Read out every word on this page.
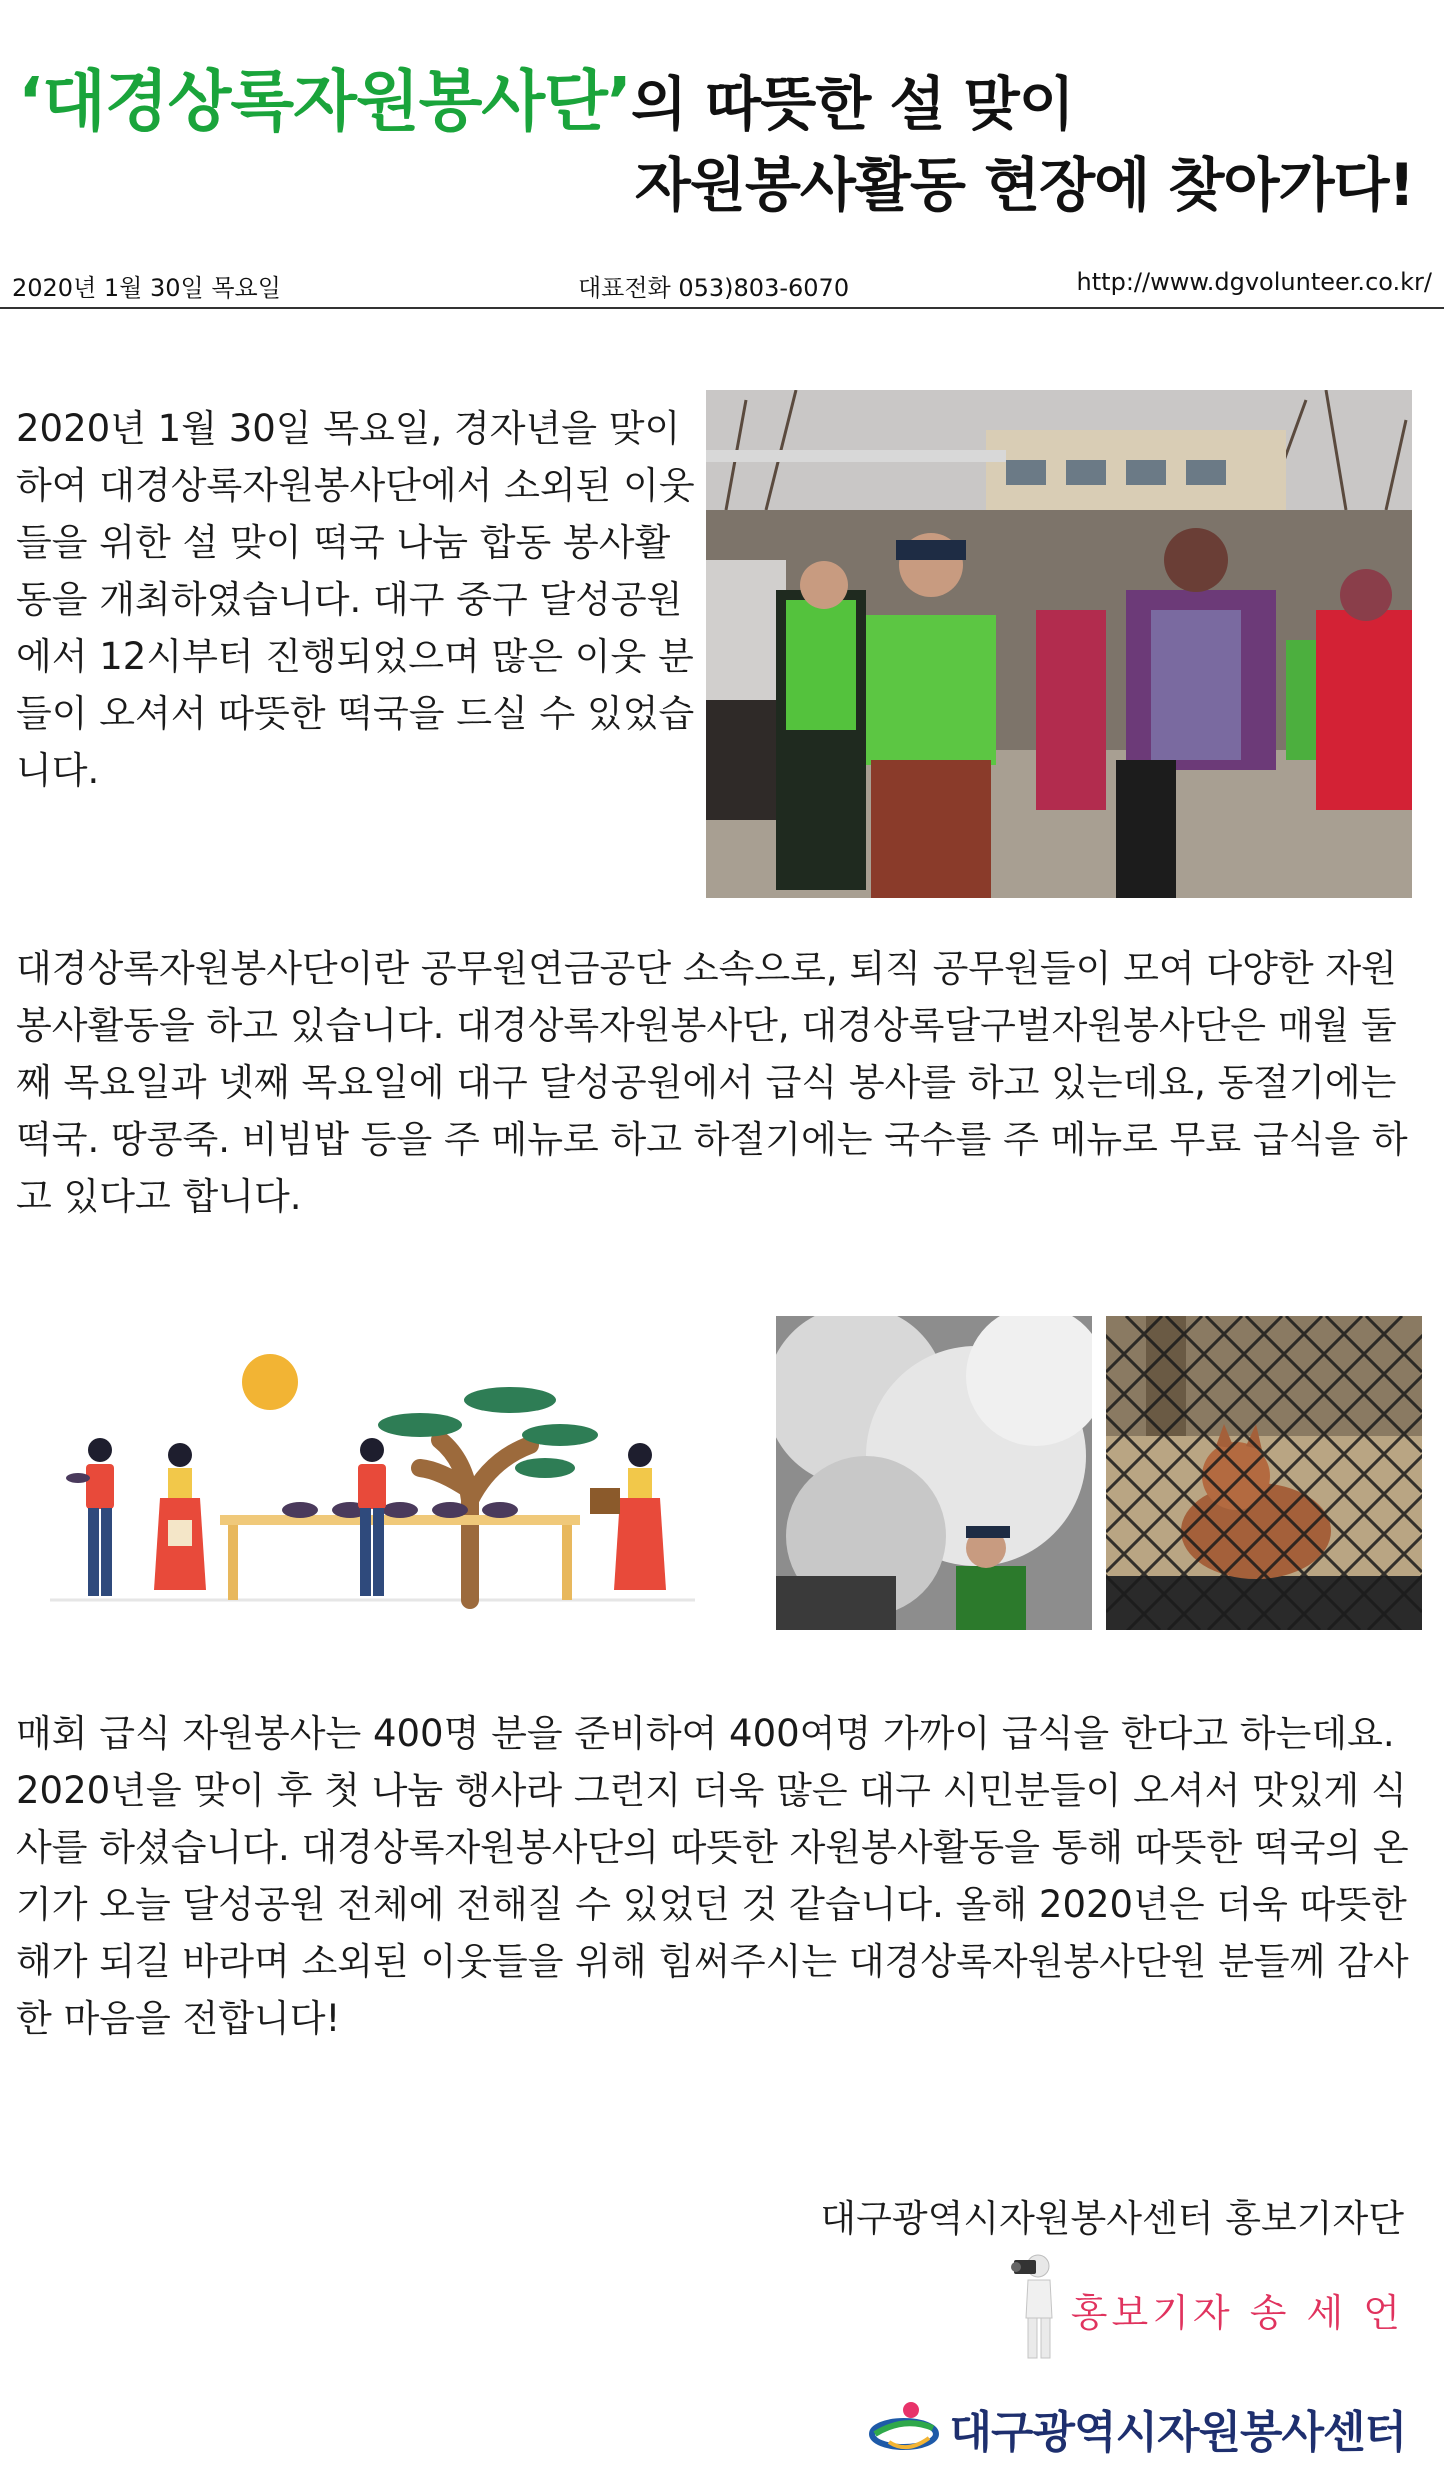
‘대경상록자원봉사단’의 따뜻한 설 맞이
자원봉사활동 현장에 찾아가다!
2020년 1월 30일 목요일	대표전화 053)803-6070	http://www.dgvolunteer.co.kr/

2020년 1월 30일 목요일, 경자년을 맞이하여 대경상록자원봉사단에서 소외된 이웃들을 위한 설 맞이 떡국 나눔 합동 봉사활동을 개최하였습니다. 대구 중구 달성공원에서 12시부터 진행되었으며 많은 이웃 분들이 오셔서 따뜻한 떡국을 드실 수 있었습니다.

대경상록자원봉사단이란 공무원연금공단 소속으로, 퇴직 공무원들이 모여 다양한 자원봉사활동을 하고 있습니다. 대경상록자원봉사단, 대경상록달구벌자원봉사단은 매월 둘째 목요일과 넷째 목요일에 대구 달성공원에서 급식 봉사를 하고 있는데요, 동절기에는 떡국. 땅콩죽. 비빔밥 등을 주 메뉴로 하고 하절기에는 국수를 주 메뉴로 무료 급식을 하고 있다고 합니다.

매회 급식 자원봉사는 400명 분을 준비하여 400여명 가까이 급식을 한다고 하는데요. 2020년을 맞이 후 첫 나눔 행사라 그런지 더욱 많은 대구 시민분들이 오셔서 맛있게 식사를 하셨습니다. 대경상록자원봉사단의 따뜻한 자원봉사활동을 통해 따뜻한 떡국의 온기가 오늘 달성공원 전체에 전해질 수 있었던 것 같습니다. 올해 2020년은 더욱 따뜻한 해가 되길 바라며 소외된 이웃들을 위해 힘써주시는 대경상록자원봉사단원 분들께 감사한 마음을 전합니다!

대구광역시자원봉사센터 홍보기자단
홍보기자 송 세 언
대구광역시자원봉사센터
